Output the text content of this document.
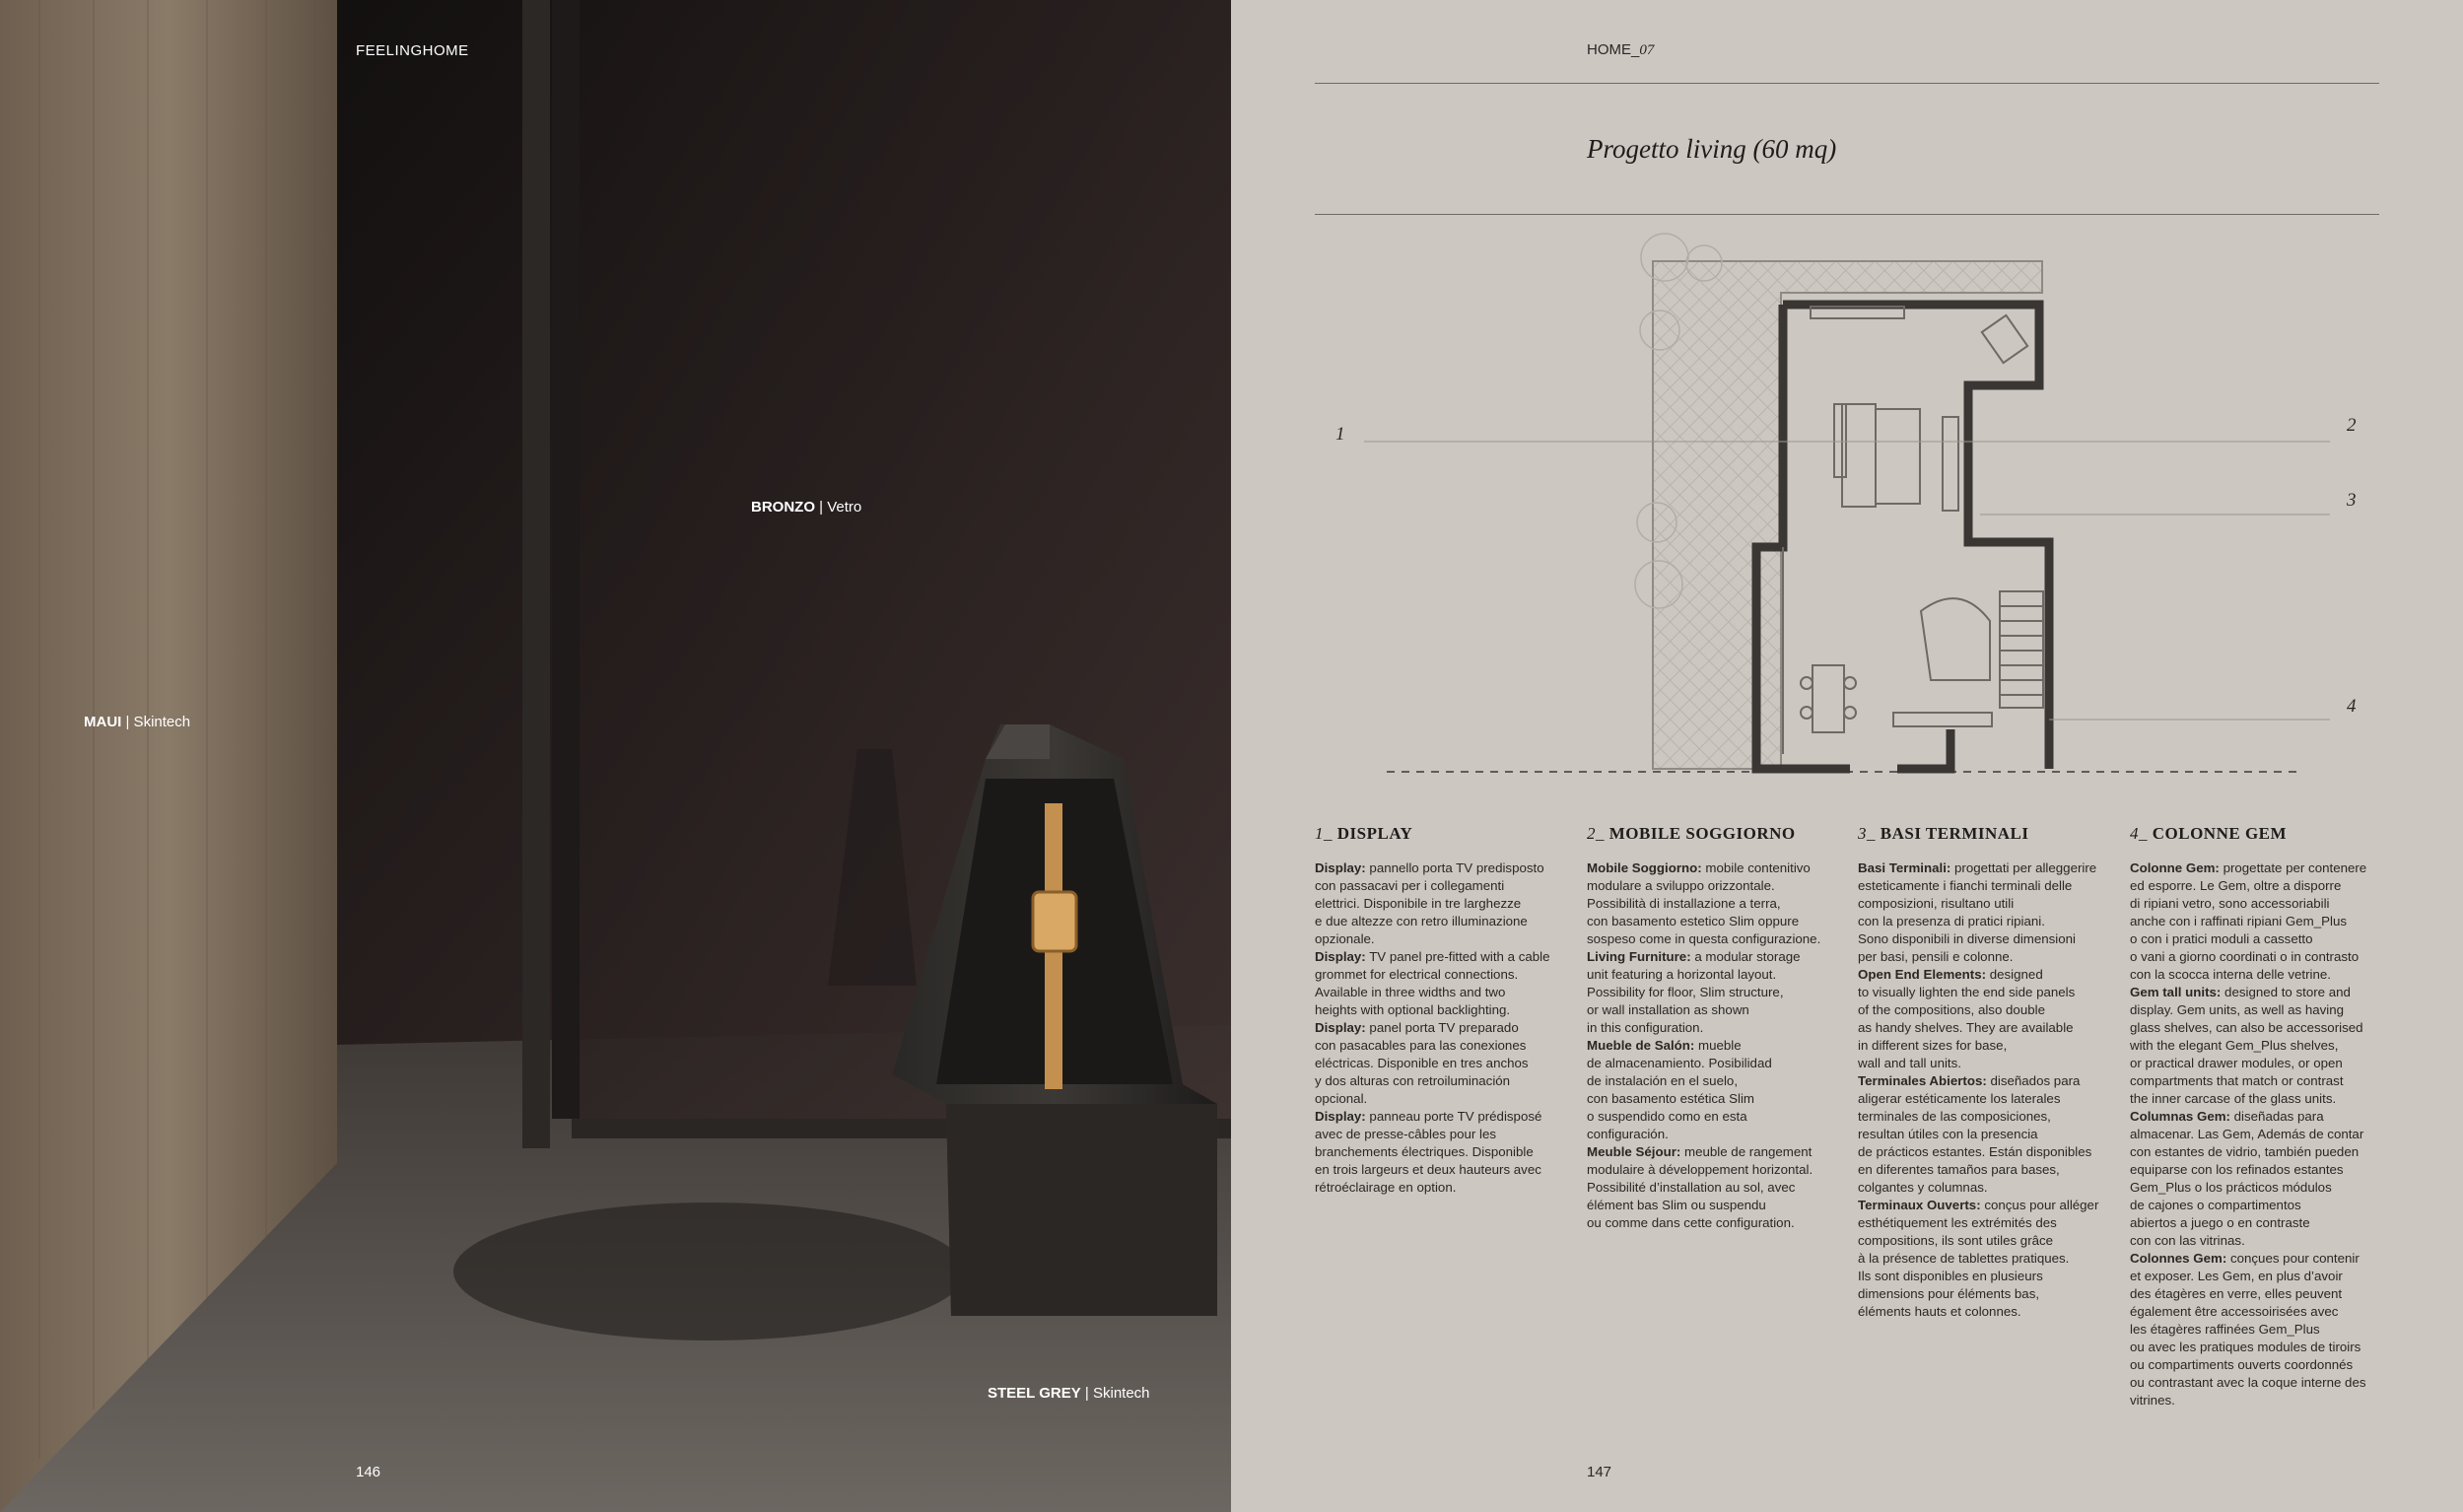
FEELINGHOME
BRONZO | Vetro
MAUI | Skintech
STEEL GREY | Skintech
146
HOME_07
Progetto living (60 mq)
1	2
3
4
1_ DISPLAY
Display: pannello porta TV predisposto
con passacavi per i collegamenti
elettrici. Disponibile in tre larghezze
e due altezze con retro illuminazione
opzionale.
Display: TV panel pre-fitted with a cable
grommet for electrical connections.
Available in three widths and two
heights with optional backlighting.
Display: panel porta TV preparado
con pasacables para las conexiones
eléctricas. Disponible en tres anchos
y dos alturas con retroiluminación
opcional.
Display: panneau porte TV prédisposé
avec de presse-câbles pour les
branchements électriques. Disponible
en trois largeurs et deux hauteurs avec
rétroéclairage en option.
2_ MOBILE SOGGIORNO
Mobile Soggiorno: mobile contenitivo
modulare a sviluppo orizzontale.
Possibilità di installazione a terra,
con basamento estetico Slim oppure
sospeso come in questa configurazione.
Living Furniture: a modular storage
unit featuring a horizontal layout.
Possibility for floor, Slim structure,
or wall installation as shown
in this configuration.
Mueble de Salón: mueble
de almacenamiento. Posibilidad
de instalación en el suelo,
con basamento estética Slim
o suspendido como en esta
configuración.
Meuble Séjour: meuble de rangement
modulaire à développement horizontal.
Possibilité d’installation au sol, avec
élément bas Slim ou suspendu
ou comme dans cette configuration.
3_ BASI TERMINALI
Basi Terminali: progettati per alleggerire
esteticamente i fianchi terminali delle
composizioni, risultano utili
con la presenza di pratici ripiani.
Sono disponibili in diverse dimensioni
per basi, pensili e colonne.
Open End Elements: designed
to visually lighten the end side panels
of the compositions, also double
as handy shelves. They are available
in different sizes for base,
wall and tall units.
Terminales Abiertos: diseñados para
aligerar estéticamente los laterales
terminales de las composiciones,
resultan útiles con la presencia
de prácticos estantes. Están disponibles
en diferentes tamaños para bases,
colgantes y columnas.
Terminaux Ouverts: conçus pour alléger
esthétiquement les extrémités des
compositions, ils sont utiles grâce
à la présence de tablettes pratiques.
Ils sont disponibles en plusieurs
dimensions pour éléments bas,
éléments hauts et colonnes.
4_ COLONNE GEM
Colonne Gem: progettate per contenere
ed esporre. Le Gem, oltre a disporre
di ripiani vetro, sono accessoriabili
anche con i raffinati ripiani Gem_Plus
o con i pratici moduli a cassetto
o vani a giorno coordinati o in contrasto
con la scocca interna delle vetrine.
Gem tall units: designed to store and
display. Gem units, as well as having
glass shelves, can also be accessorised
with the elegant Gem_Plus shelves,
or practical drawer modules, or open
compartments that match or contrast
the inner carcase of the glass units.
Columnas Gem: diseñadas para
almacenar. Las Gem, Además de contar
con estantes de vidrio, también pueden
equiparse con los refinados estantes
Gem_Plus o los prácticos módulos
de cajones o compartimentos
abiertos a juego o en contraste
con con las vitrinas.
Colonnes Gem: conçues pour contenir
et exposer. Les Gem, en plus d’avoir
des étagères en verre, elles peuvent
également être accessoirisées avec
les étagères raffinées Gem_Plus
ou avec les pratiques modules de tiroirs
ou compartiments ouverts coordonnés
ou contrastant avec la coque interne des
vitrines.
147
